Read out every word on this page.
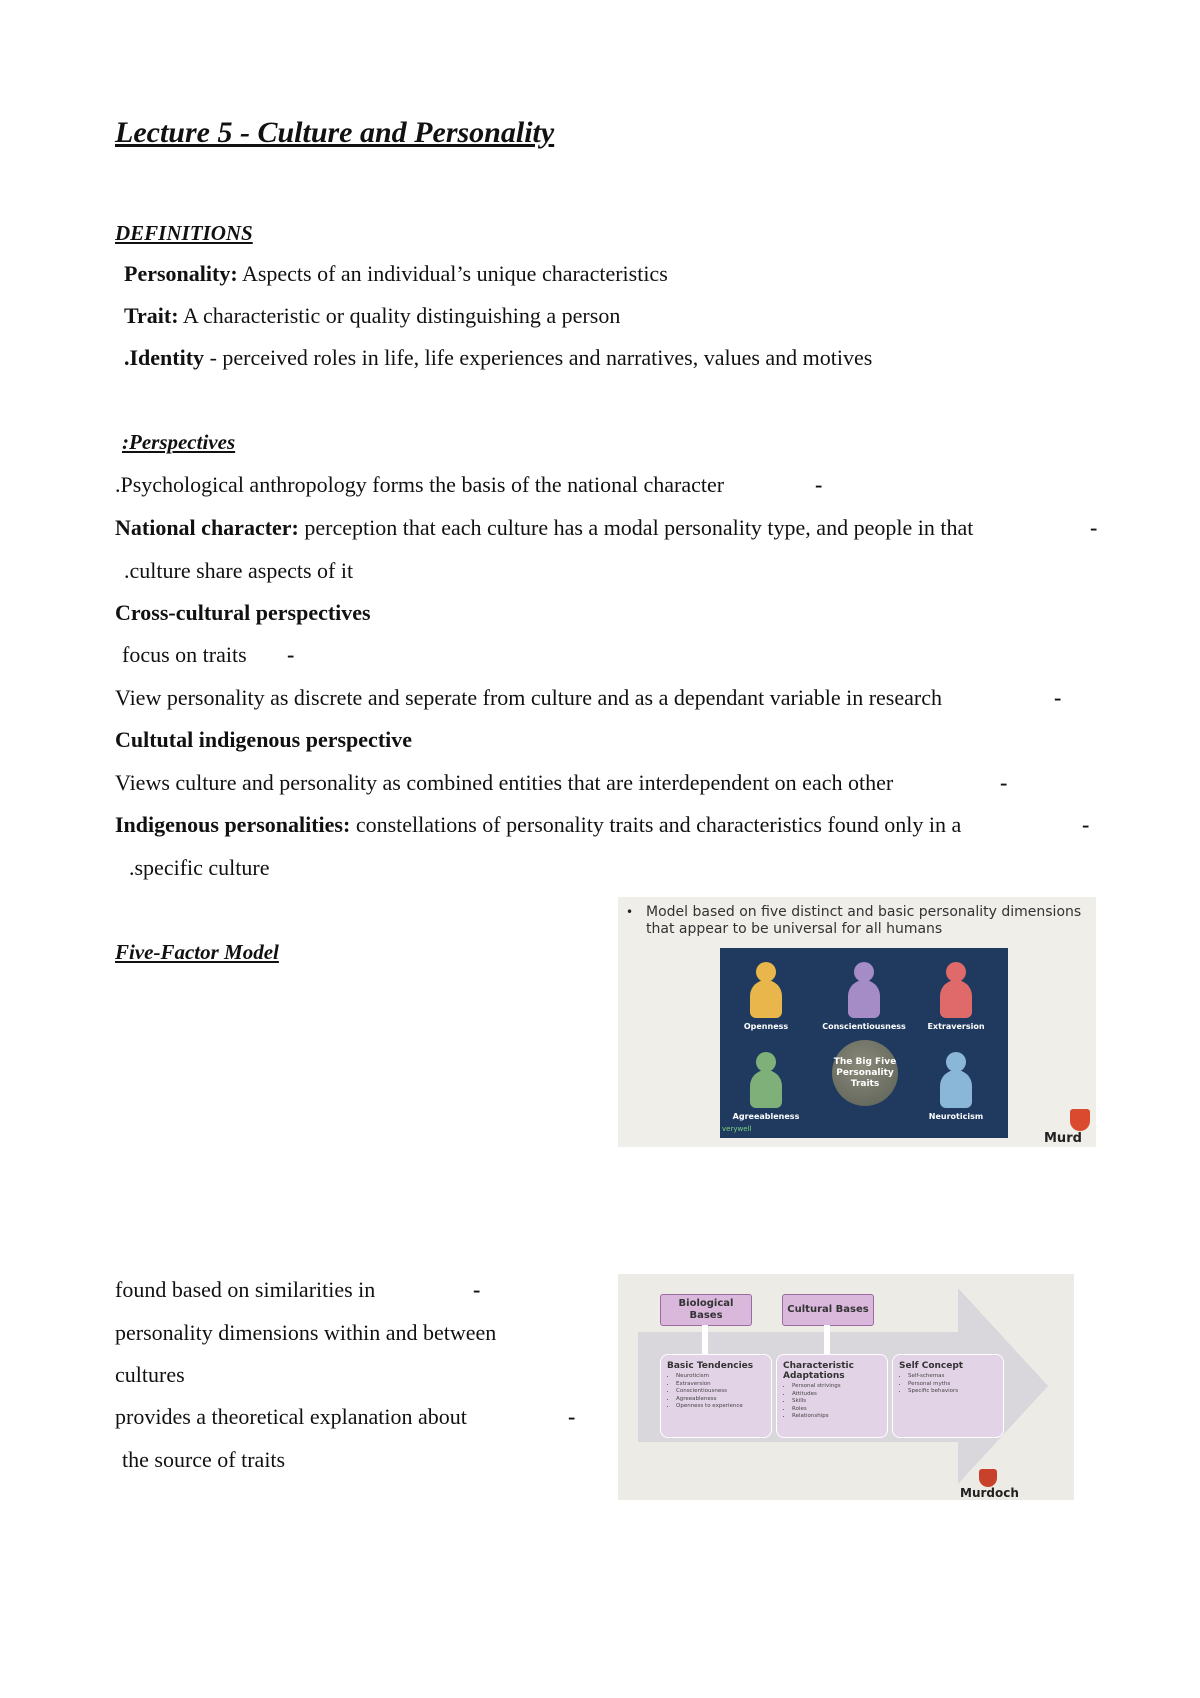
Lecture 5 - Culture and Personality
DEFINITIONS
Personality: Aspects of an individual’s unique characteristics
Trait: A characteristic or quality distinguishing a person
.Identity - perceived roles in life, life experiences and narratives, values and motives
:Perspectives
.Psychological anthropology forms the basis of the national character	-
National character: perception that each culture has a modal personality type, and people in that	-
.culture share aspects of it
Cross-cultural perspectives
focus on traits -
View personality as discrete and seperate from culture and as a dependant variable in research	-
Cultutal indigenous perspective
Views culture and personality as combined entities that are interdependent on each other	-
Indigenous personalities: constellations of personality traits and characteristics found only in a	-
.specific culture
Five-Factor Model
• Model based on five distinct and basic personality dimensions that appear to be universal for all humans
Openness	Conscientiousness	Extraversion
Agreeableness
The Big Five Personality Traits
Neuroticism
verywell
Murd
found based on similarities in	-
personality dimensions within and between
cultures
provides a theoretical explanation about	-
the source of traits
Biological Bases
Cultural Bases
Basic Tendencies
• Neuroticism
• Extraversion
• Conscientiousness
• Agreeableness
• Openness to experience
Characteristic Adaptations
• Personal strivings
• Attitudes
• Skills
• Roles
• Relationships
Self Concept
• Self-schemas
• Personal myths
• Specific behaviors
Murdoch
